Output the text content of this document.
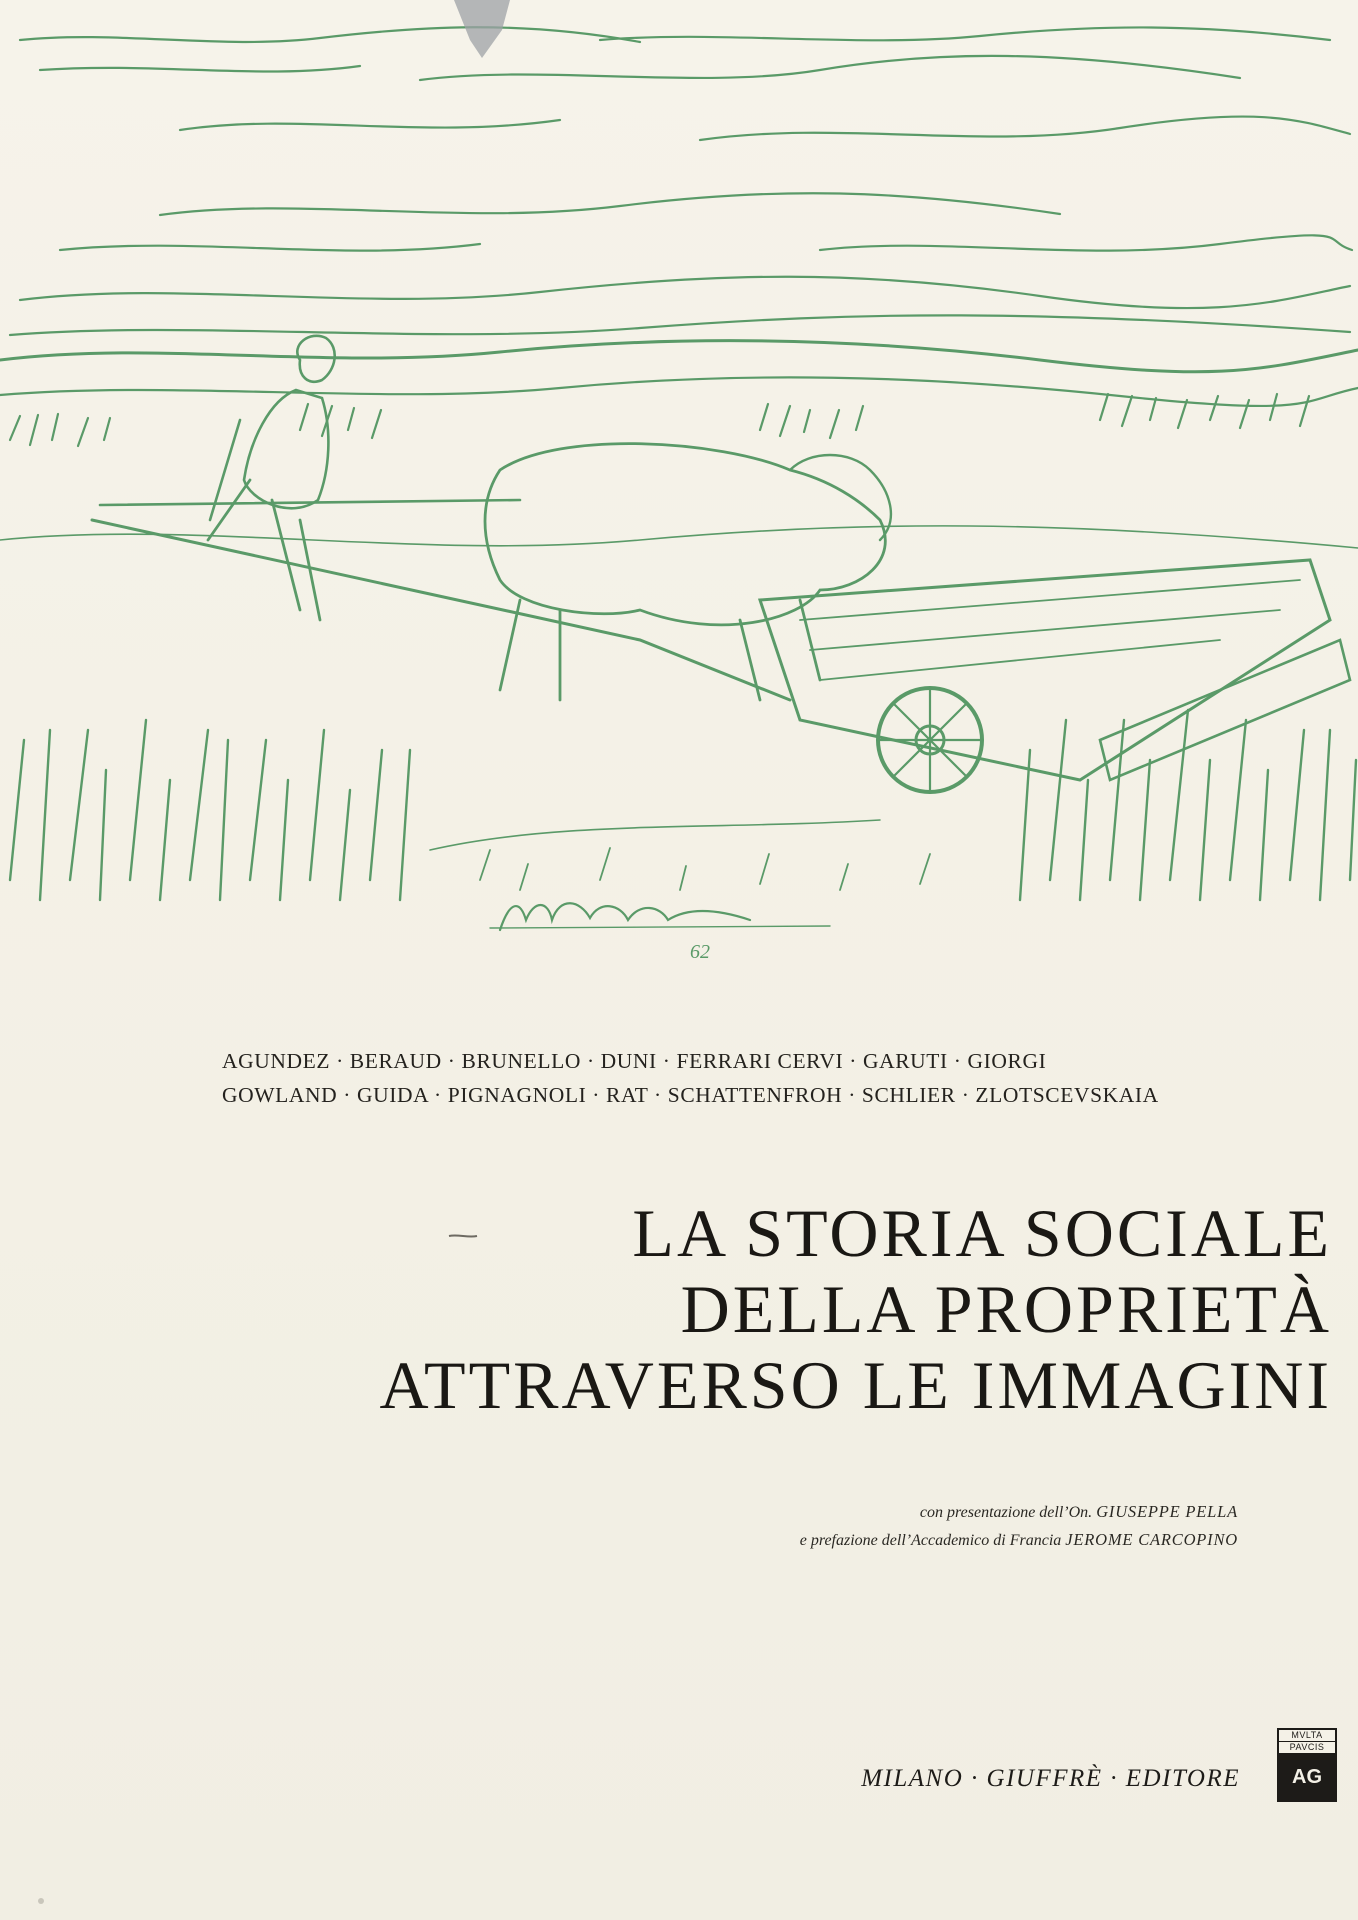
Pietro Pagliari
62
AGUNDEZ · BERAUD · BRUNELLO · DUNI · FERRARI CERVI · GARUTI · GIORGI
GOWLAND · GUIDA · PIGNAGNOLI · RAT · SCHATTENFROH · SCHLIER · ZLOTSCEVSKAIA
LA STORIA SOCIALE
DELLA PROPRIETÀ
ATTRAVERSO LE IMMAGINI
con presentazione dell’On. GIUSEPPE PELLA
e prefazione dell’Accademico di Francia JEROME CARCOPINO
MILANO · GIUFFRÈ · EDITORE
MVLTA
PAVCIS
AG
